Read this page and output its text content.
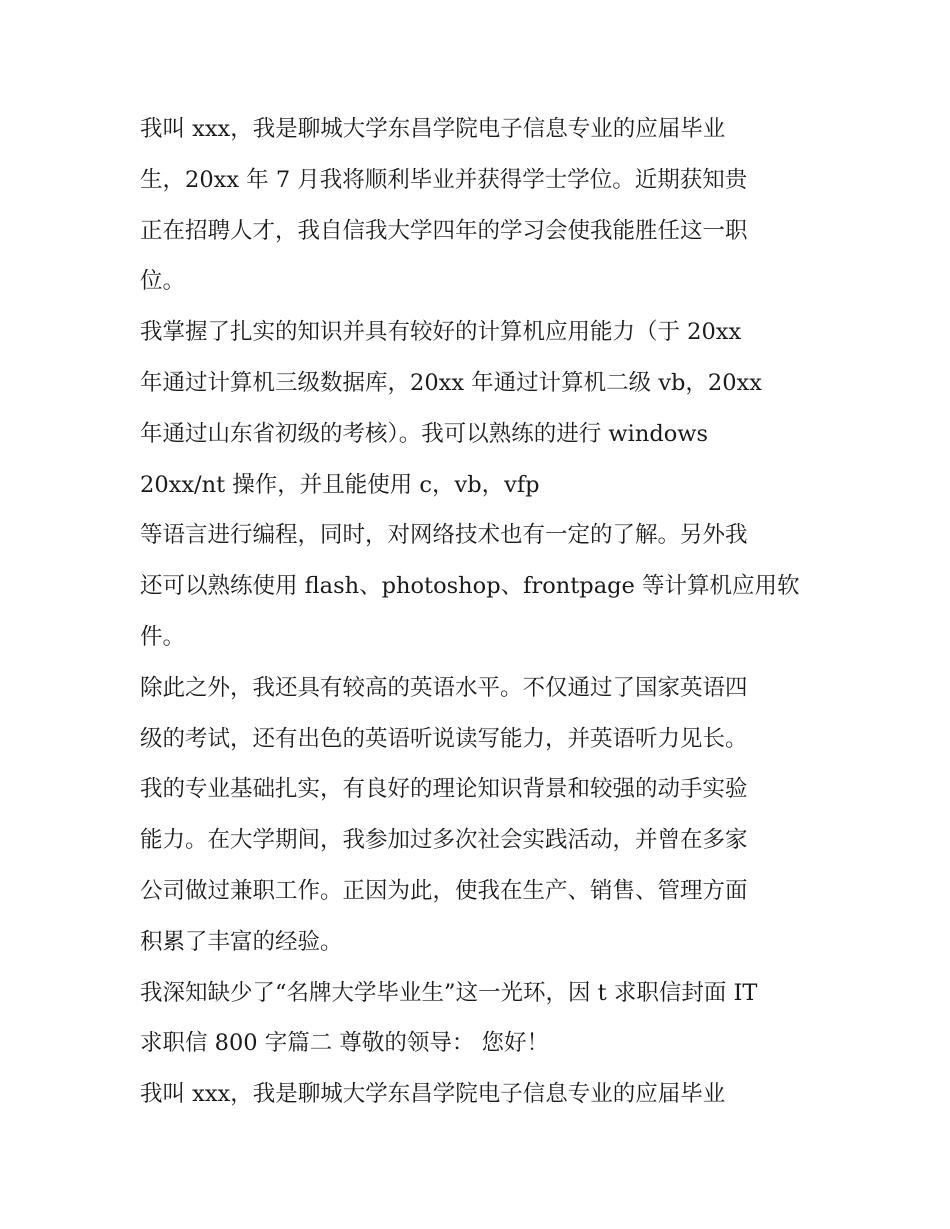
我叫 xxx，我是聊城大学东昌学院电子信息专业的应届毕业
生，20xx 年 7 月我将顺利毕业并获得学士学位。近期获知贵
正在招聘人才，我自信我大学四年的学习会使我能胜任这一职
位。
我掌握了扎实的知识并具有较好的计算机应用能力（于 20xx
年通过计算机三级数据库，20xx 年通过计算机二级 vb，20xx
年通过山东省初级的考核）。我可以熟练的进行 windows
20xx/nt 操作，并且能使用 c，vb，vfp
等语言进行编程，同时，对网络技术也有一定的了解。另外我
还可以熟练使用 flash、photoshop、frontpage 等计算机应用软
件。
除此之外，我还具有较高的英语水平。不仅通过了国家英语四
级的考试，还有出色的英语听说读写能力，并英语听力见长。
我的专业基础扎实，有良好的理论知识背景和较强的动手实验
能力。在大学期间，我参加过多次社会实践活动，并曾在多家
公司做过兼职工作。正因为此，使我在生产、销售、管理方面
积累了丰富的经验。
我深知缺少了“名牌大学毕业生”这一光环，因 t 求职信封面 IT
求职信 800 字篇二 尊敬的领导： 您好！
我叫 xxx，我是聊城大学东昌学院电子信息专业的应届毕业
